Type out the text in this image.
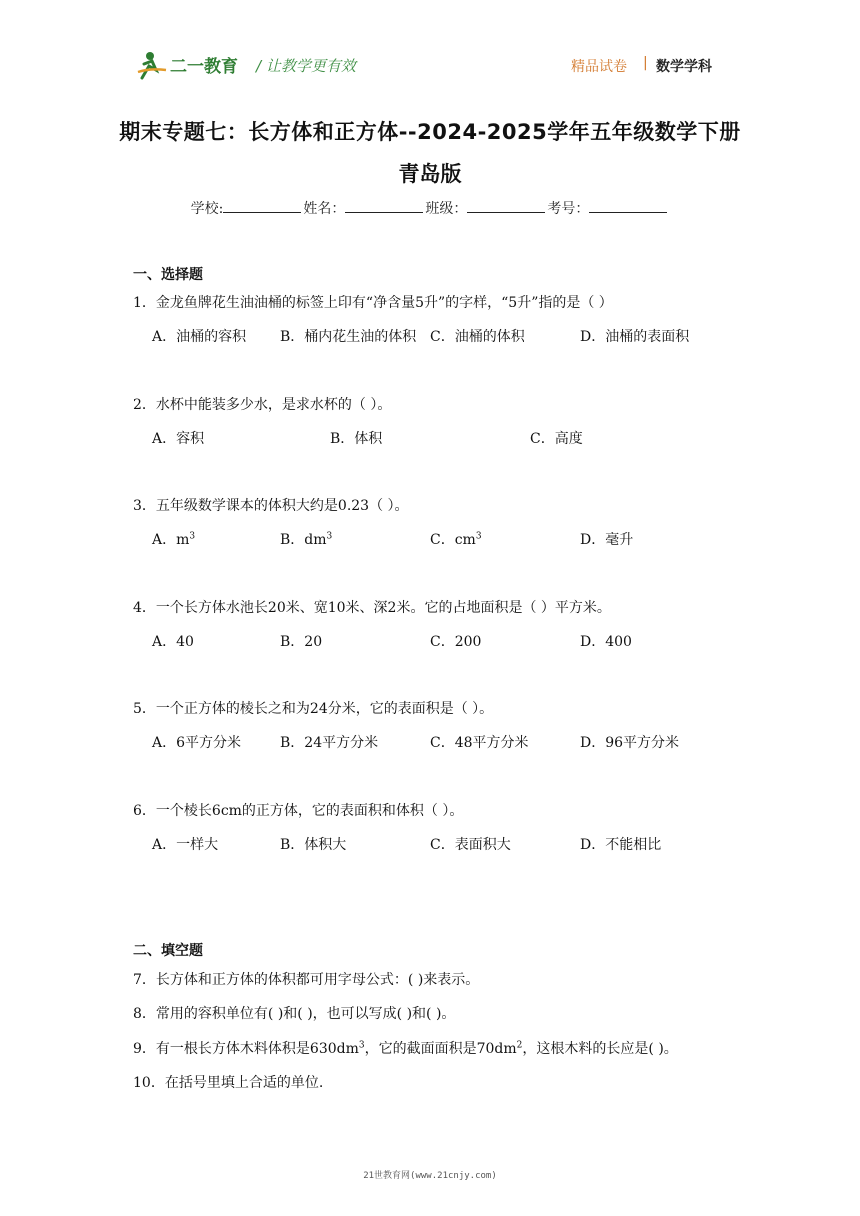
二一教育 / 让教学更有效	精品试卷 | 数学学科
期末专题七：长方体和正方体--2024-2025学年五年级数学下册
青岛版
学校:	姓名：	班级：	考号：
一、选择题
1．金龙鱼牌花生油油桶的标签上印有“净含量5升”的字样，“5升”指的是（ ）
A．油桶的容积 B．桶内花生油的体积 C．油桶的体积	D．油桶的表面积
2．水杯中能装多少水，是求水杯的（ ）。
A．容积	B．体积	C．高度
3．五年级数学课本的体积大约是0.23（ ）。
A．$m^3$	B．$dm^3$	C．$cm^3$	D．毫升
4．一个长方体水池长20米、宽10米、深2米。它的占地面积是（ ）平方米。
A．40	B．20	C．200	D．400
5．一个正方体的棱长之和为24分米，它的表面积是（ ）。
A．6平方分米	B．24平方分米	C．48平方分米	D．96平方分米
6．一个棱长6cm的正方体，它的表面积和体积（ ）。
A．一样大	B．体积大	C．表面积大	D．不能相比
二、填空题
7．长方体和正方体的体积都可用字母公式：( )来表示。
8．常用的容积单位有( )和( )，也可以写成( )和( )。
9．有一根长方体木料体积是$630dm^3$，它的截面面积是$70dm^2$，这根木料的长应是( )。
10．在括号里填上合适的单位.
21世教育网(www.21cnjy.com)
